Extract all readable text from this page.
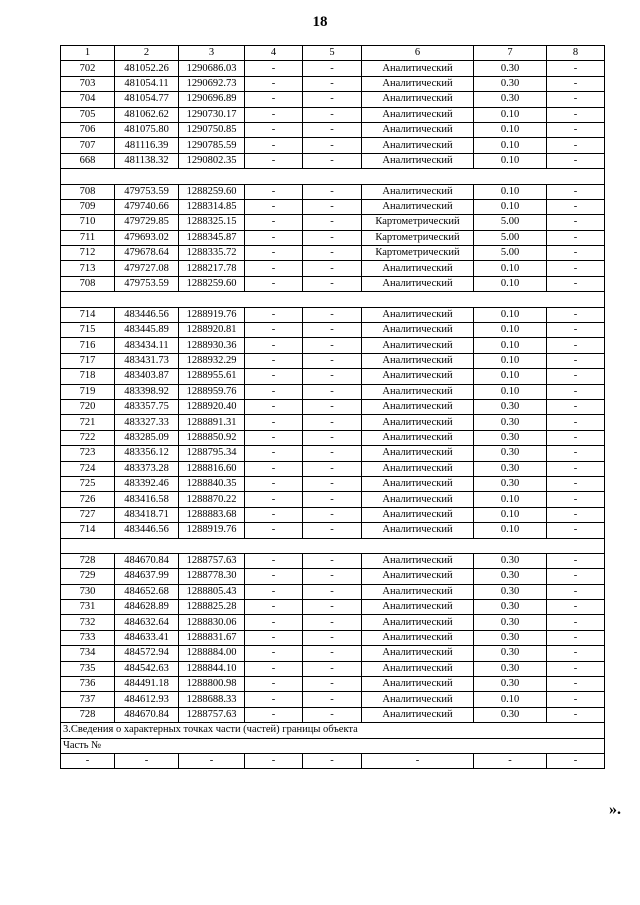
18
1	2	3	4	5	6	7	8
702	481052.26	1290686.03	-	-	Аналитический	0.30	-
703	481054.11	1290692.73	-	-	Аналитический	0.30	-
704	481054.77	1290696.89	-	-	Аналитический	0.30	-
705	481062.62	1290730.17	-	-	Аналитический	0.10	-
706	481075.80	1290750.85	-	-	Аналитический	0.10	-
707	481116.39	1290785.59	-	-	Аналитический	0.10	-
668	481138.32	1290802.35	-	-	Аналитический	0.10	-

708	479753.59	1288259.60	-	-	Аналитический	0.10	-
709	479740.66	1288314.85	-	-	Аналитический	0.10	-
710	479729.85	1288325.15	-	-	Картометрический	5.00	-
711	479693.02	1288345.87	-	-	Картометрический	5.00	-
712	479678.64	1288335.72	-	-	Картометрический	5.00	-
713	479727.08	1288217.78	-	-	Аналитический	0.10	-
708	479753.59	1288259.60	-	-	Аналитический	0.10	-

714	483446.56	1288919.76	-	-	Аналитический	0.10	-
715	483445.89	1288920.81	-	-	Аналитический	0.10	-
716	483434.11	1288930.36	-	-	Аналитический	0.10	-
717	483431.73	1288932.29	-	-	Аналитический	0.10	-
718	483403.87	1288955.61	-	-	Аналитический	0.10	-
719	483398.92	1288959.76	-	-	Аналитический	0.10	-
720	483357.75	1288920.40	-	-	Аналитический	0.30	-
721	483327.33	1288891.31	-	-	Аналитический	0.30	-
722	483285.09	1288850.92	-	-	Аналитический	0.30	-
723	483356.12	1288795.34	-	-	Аналитический	0.30	-
724	483373.28	1288816.60	-	-	Аналитический	0.30	-
725	483392.46	1288840.35	-	-	Аналитический	0.30	-
726	483416.58	1288870.22	-	-	Аналитический	0.10	-
727	483418.71	1288883.68	-	-	Аналитический	0.10	-
714	483446.56	1288919.76	-	-	Аналитический	0.10	-

728	484670.84	1288757.63	-	-	Аналитический	0.30	-
729	484637.99	1288778.30	-	-	Аналитический	0.30	-
730	484652.68	1288805.43	-	-	Аналитический	0.30	-
731	484628.89	1288825.28	-	-	Аналитический	0.30	-
732	484632.64	1288830.06	-	-	Аналитический	0.30	-
733	484633.41	1288831.67	-	-	Аналитический	0.30	-
734	484572.94	1288884.00	-	-	Аналитический	0.30	-
735	484542.63	1288844.10	-	-	Аналитический	0.30	-
736	484491.18	1288800.98	-	-	Аналитический	0.30	-
737	484612.93	1288688.33	-	-	Аналитический	0.10	-
728	484670.84	1288757.63	-	-	Аналитический	0.30	-
3.Сведения о характерных точках части (частей) границы объекта							
Часть №							
-	-	-	-	-	-	-	-
».
